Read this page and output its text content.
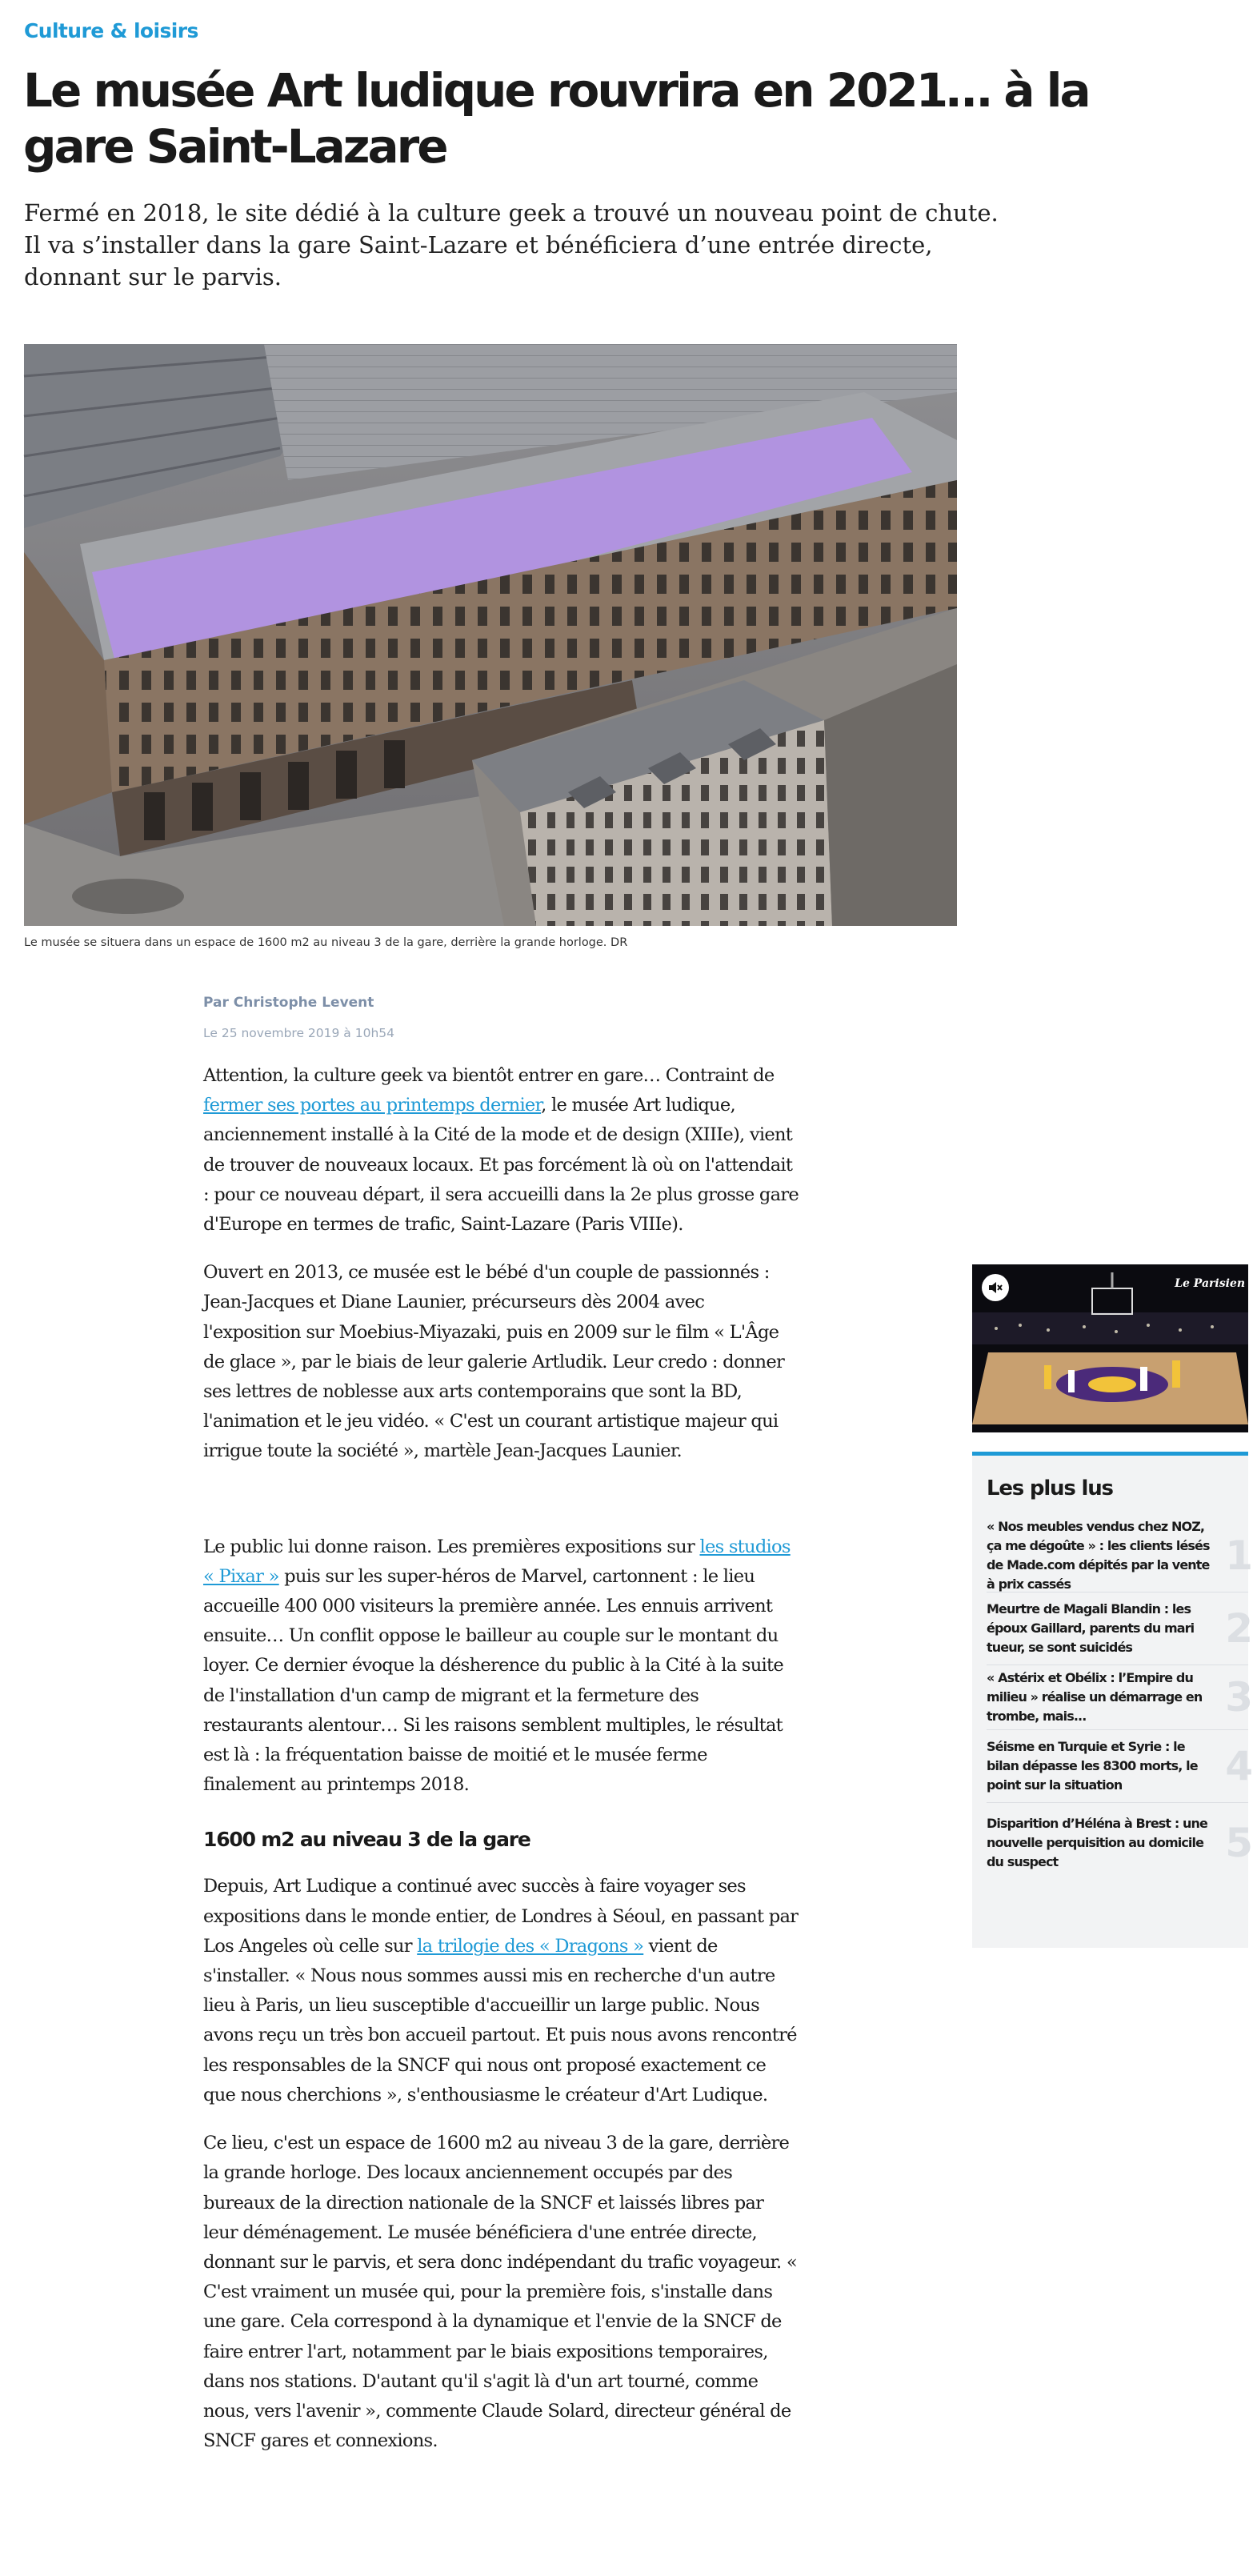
Culture & loisirs
Le musée Art ludique rouvrira en 2021… à la gare Saint-Lazare

Fermé en 2018, le site dédié à la culture geek a trouvé un nouveau point de chute. Il va s’installer dans la gare Saint-Lazare et bénéficiera d’une entrée directe, donnant sur le parvis.

Le musée se situera dans un espace de 1600 m2 au niveau 3 de la gare, derrière la grande horloge. DR
Par Christophe Levent
Le 25 novembre 2019 à 10h54

Attention, la culture geek va bientôt entrer en gare… Contraint de fermer ses portes au printemps dernier, le musée Art ludique, anciennement installé à la Cité de la mode et de design (XIIIe), vient de trouver de nouveaux locaux. Et pas forcément là où on l'attendait : pour ce nouveau départ, il sera accueilli dans la 2e plus grosse gare d'Europe en termes de trafic, Saint-Lazare (Paris VIIIe).

Ouvert en 2013, ce musée est le bébé d'un couple de passionnés : Jean-Jacques et Diane Launier, précurseurs dès 2004 avec l'exposition sur Moebius-Miyazaki, puis en 2009 sur le film « L'Âge de glace », par le biais de leur galerie Artludik. Leur credo : donner ses lettres de noblesse aux arts contemporains que sont la BD, l'animation et le jeu vidéo. « C'est un courant artistique majeur qui irrigue toute la société », martèle Jean-Jacques Launier.

Le public lui donne raison. Les premières expositions sur les studios « Pixar » puis sur les super-héros de Marvel, cartonnent : le lieu accueille 400 000 visiteurs la première année. Les ennuis arrivent ensuite… Un conflit oppose le bailleur au couple sur le montant du loyer. Ce dernier évoque la désherence du public à la Cité à la suite de l'installation d'un camp de migrant et la fermeture des restaurants alentour… Si les raisons semblent multiples, le résultat est là : la fréquentation baisse de moitié et le musée ferme finalement au printemps 2018.

1600 m2 au niveau 3 de la gare

Depuis, Art Ludique a continué avec succès à faire voyager ses expositions dans le monde entier, de Londres à Séoul, en passant par Los Angeles où celle sur la trilogie des « Dragons » vient de s'installer. « Nous nous sommes aussi mis en recherche d'un autre lieu à Paris, un lieu susceptible d'accueillir un large public. Nous avons reçu un très bon accueil partout. Et puis nous avons rencontré les responsables de la SNCF qui nous ont proposé exactement ce que nous cherchions », s'enthousiasme le créateur d'Art Ludique.

Ce lieu, c'est un espace de 1600 m2 au niveau 3 de la gare, derrière la grande horloge. Des locaux anciennement occupés par des bureaux de la direction nationale de la SNCF et laissés libres par leur déménagement. Le musée bénéficiera d'une entrée directe, donnant sur le parvis, et sera donc indépendant du trafic voyageur. « C'est vraiment un musée qui, pour la première fois, s'installe dans une gare. Cela correspond à la dynamique et l'envie de la SNCF de faire entrer l'art, notamment par le biais expositions temporaires, dans nos stations. D'autant qu'il s'agit là d'un art tourné, comme nous, vers l'avenir », commente Claude Solard, directeur général de SNCF gares et connexions.

Le Parisien
Les plus lus
« Nos meubles vendus chez NOZ, ça me dégoûte » : les clients lésés de Made.com dépités par la vente à prix cassés
1
Meurtre de Magali Blandin : les époux Gaillard, parents du mari tueur, se sont suicidés	2
« Astérix et Obélix : l’Empire du milieu » réalise un démarrage en trombe, mais...	3
Séisme en Turquie et Syrie : le bilan dépasse les 8300 morts, le point sur la situation	4
Disparition d’Héléna à Brest : une nouvelle perquisition au domicile du suspect	5
